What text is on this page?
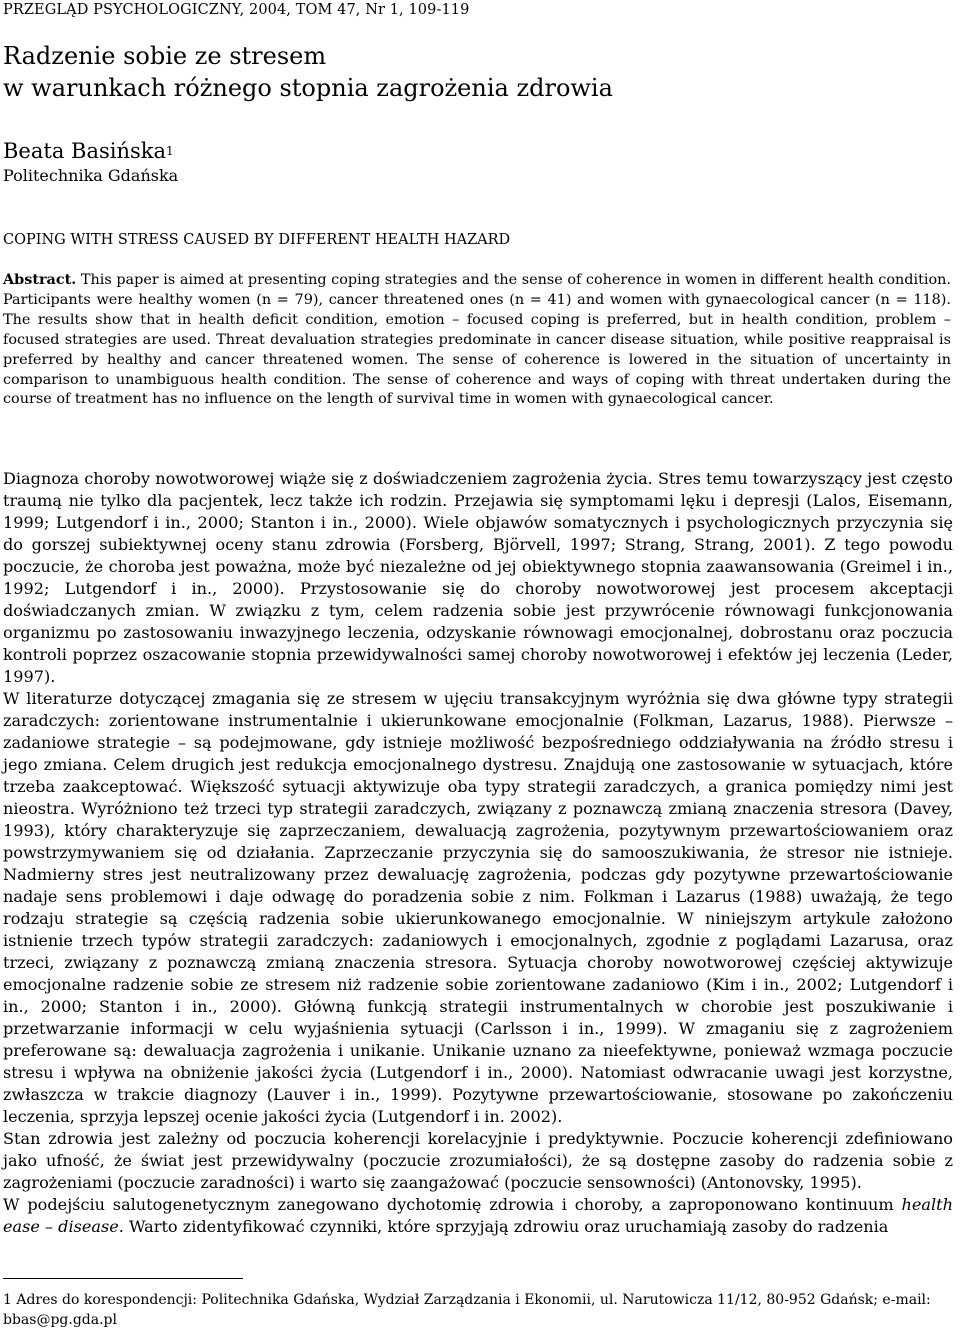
PRZEGLĄD PSYCHOLOGICZNY, 2004, TOM 47, Nr 1, 109-119
Radzenie sobie ze stresem
w warunkach różnego stopnia zagrożenia zdrowia
Beata Basińska$^1$
Politechnika Gdańska
COPING WITH STRESS CAUSED BY DIFFERENT HEALTH HAZARD
Abstract. This paper is aimed at presenting coping strategies and the sense of coherence in women in different health condition. Participants were healthy women (n = 79), cancer threatened ones (n = 41) and women with gynaecological cancer (n = 118). The results show that in health deficit condition, emotion – focused coping is preferred, but in health condition, problem – focused strategies are used. Threat devaluation strategies predominate in cancer disease situation, while positive reappraisal is preferred by healthy and cancer threatened women. The sense of coherence is lowered in the situation of uncertainty in comparison to unambiguous health condition. The sense of coherence and ways of coping with threat undertaken during the course of treatment has no influence on the length of survival time in women with gynaecological cancer.

Diagnoza choroby nowotworowej wiąże się z doświadczeniem zagrożenia życia. Stres temu towarzyszący jest często traumą nie tylko dla pacjentek, lecz także ich rodzin. Przejawia się symptomami lęku i depresji (Lalos, Eisemann, 1999; Lutgendorf i in., 2000; Stanton i in., 2000). Wiele objawów somatycznych i psychologicznych przyczynia się do gorszej subiektywnej oceny stanu zdrowia (Forsberg, Björvell, 1997; Strang, Strang, 2001). Z tego powodu poczucie, że choroba jest poważna, może być niezależne od jej obiektywnego stopnia zaawansowania (Greimel i in., 1992; Lutgendorf i in., 2000). Przystosowanie się do choroby nowotworowej jest procesem akceptacji doświadczanych zmian. W związku z tym, celem radzenia sobie jest przywrócenie równowagi funkcjonowania organizmu po zastosowaniu inwazyjnego leczenia, odzyskanie równowagi emocjonalnej, dobrostanu oraz poczucia kontroli poprzez oszacowanie stopnia przewidywalności samej choroby nowotworowej i efektów jej leczenia (Leder, 1997).

W literaturze dotyczącej zmagania się ze stresem w ujęciu transakcyjnym wyróżnia się dwa główne typy strategii zaradczych: zorientowane instrumentalnie i ukierunkowane emocjonalnie (Folkman, Lazarus, 1988). Pierwsze – zadaniowe strategie – są podejmowane, gdy istnieje możliwość bezpośredniego oddziaływania na źródło stresu i jego zmiana. Celem drugich jest redukcja emocjonalnego dystresu. Znajdują one zastosowanie w sytuacjach, które trzeba zaakceptować. Większość sytuacji aktywizuje oba typy strategii zaradczych, a granica pomiędzy nimi jest nieostra. Wyróżniono też trzeci typ strategii zaradczych, związany z poznawczą zmianą znaczenia stresora (Davey, 1993), który charakteryzuje się zaprzeczaniem, dewaluacją zagrożenia, pozytywnym przewartościowaniem oraz powstrzymywaniem się od działania. Zaprzeczanie przyczynia się do samooszukiwania, że stresor nie istnieje. Nadmierny stres jest neutralizowany przez dewaluację zagrożenia, podczas gdy pozytywne przewartościowanie nadaje sens problemowi i daje odwagę do poradzenia sobie z nim. Folkman i Lazarus (1988) uważają, że tego rodzaju strategie są częścią radzenia sobie ukierunkowanego emocjonalnie. W niniejszym artykule założono istnienie trzech typów strategii zaradczych: zadaniowych i emocjonalnych, zgodnie z poglądami Lazarusa, oraz trzeci, związany z poznawczą zmianą znaczenia stresora. Sytuacja choroby nowotworowej częściej aktywizuje emocjonalne radzenie sobie ze stresem niż radzenie sobie zorientowane zadaniowo (Kim i in., 2002; Lutgendorf i in., 2000; Stanton i in., 2000). Główną funkcją strategii instrumentalnych w chorobie jest poszukiwanie i przetwarzanie informacji w celu wyjaśnienia sytuacji (Carlsson i in., 1999). W zmaganiu się z zagrożeniem preferowane są: dewaluacja zagrożenia i unikanie. Unikanie uznano za nieefektywne, ponieważ wzmaga poczucie stresu i wpływa na obniżenie jakości życia (Lutgendorf i in., 2000). Natomiast odwracanie uwagi jest korzystne, zwłaszcza w trakcie diagnozy (Lauver i in., 1999). Pozytywne przewartościowanie, stosowane po zakończeniu leczenia, sprzyja lepszej ocenie jakości życia (Lutgendorf i in. 2002).

Stan zdrowia jest zależny od poczucia koherencji korelacyjnie i predyktywnie. Poczucie koherencji zdefiniowano jako ufność, że świat jest przewidywalny (poczucie zrozumiałości), że są dostępne zasoby do radzenia sobie z zagrożeniami (poczucie zaradności) i warto się zaangażować (poczucie sensowności) (Antonovsky, 1995).

W podejściu salutogenetycznym zanegowano dychotomię zdrowia i choroby, a zaproponowano kontinuum health ease – disease. Warto zidentyfikować czynniki, które sprzyjają zdrowiu oraz uruchamiają zasoby do radzenia

1 Adres do korespondencji: Politechnika Gdańska, Wydział Zarządzania i Ekonomii, ul. Narutowicza 11/12, 80-952 Gdańsk; e-mail: bbas@pg.gda.pl
